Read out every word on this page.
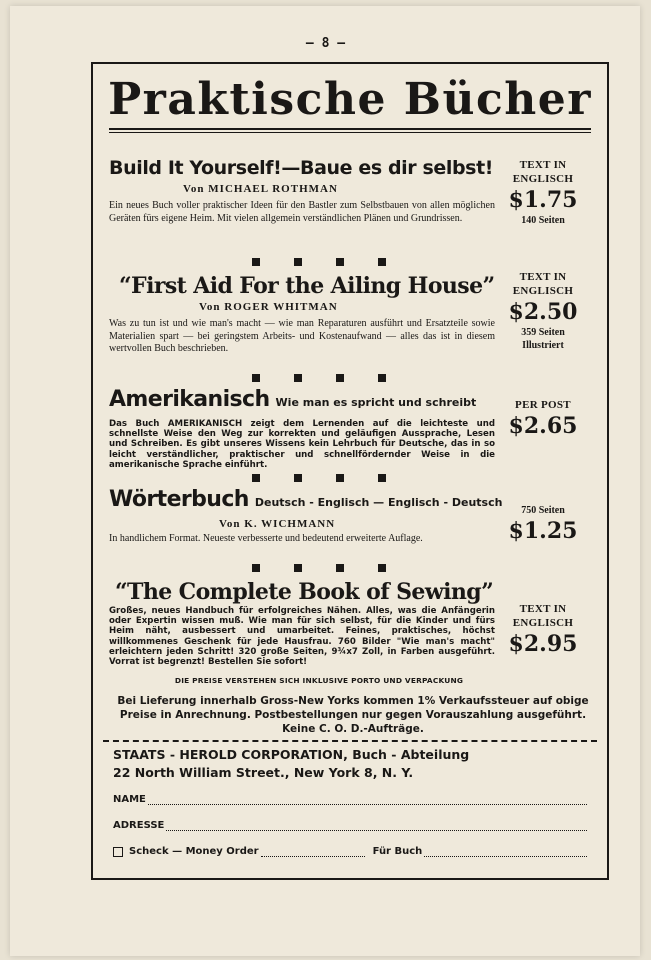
— 8 —
Praktische Bücher
Build It Yourself!—Baue es dir selbst!
Von MICHAEL ROTHMAN
Ein neues Buch voller praktischer Ideen für den Bastler zum Selbstbauen von allen möglichen Geräten fürs eigene Heim. Mit vielen allgemein verständlichen Plänen und Grundrissen.
TEXT IN ENGLISCH
$1.75
140 Seiten
“First Aid For the Ailing House”
Von ROGER WHITMAN
Was zu tun ist und wie man's macht — wie man Reparaturen ausführt und Ersatzteile sowie Materialien spart — bei geringstem Arbeits- und Kostenaufwand — alles das ist in diesem wertvollen Buch beschrieben.
TEXT IN ENGLISCH
$2.50
359 Seiten Illustriert
Amerikanisch Wie man es spricht und schreibt
Das Buch AMERIKANISCH zeigt dem Lernenden auf die leichteste und schnellste Weise den Weg zur korrekten und geläufigen Aussprache, Lesen und Schreiben. Es gibt unseres Wissens kein Lehrbuch für Deutsche, das in so leicht verständlicher, praktischer und schnellfördernder Weise in die amerikanische Sprache einführt.
PER POST
$2.65
Wörterbuch Deutsch - Englisch — Englisch - Deutsch
Von K. WICHMANN
In handlichem Format. Neueste verbesserte und bedeutend erweiterte Auflage.
750 Seiten
$1.25
“The Complete Book of Sewing”
Großes, neues Handbuch für erfolgreiches Nähen. Alles, was die Anfängerin oder Expertin wissen muß. Wie man für sich selbst, für die Kinder und fürs Heim näht, ausbessert und umarbeitet. Feines, praktisches, höchst willkommenes Geschenk für jede Hausfrau. 760 Bilder "Wie man's macht" erleichtern jeden Schritt! 320 große Seiten, 9¾x7 Zoll, in Farben ausgeführt. Vorrat ist begrenzt! Bestellen Sie sofort!
TEXT IN ENGLISCH
$2.95
DIE PREISE VERSTEHEN SICH INKLUSIVE PORTO UND VERPACKUNG
Bei Lieferung innerhalb Gross-New Yorks kommen 1% Verkaufssteuer auf obige Preise in Anrechnung. Postbestellungen nur gegen Vorauszahlung ausgeführt. Keine C. O. D.-Aufträge.
STAATS - HEROLD CORPORATION, Buch - Abteilung
22 North William Street., New York 8, N. Y.
NAME
ADRESSE
Scheck — Money Order	Für Buch
